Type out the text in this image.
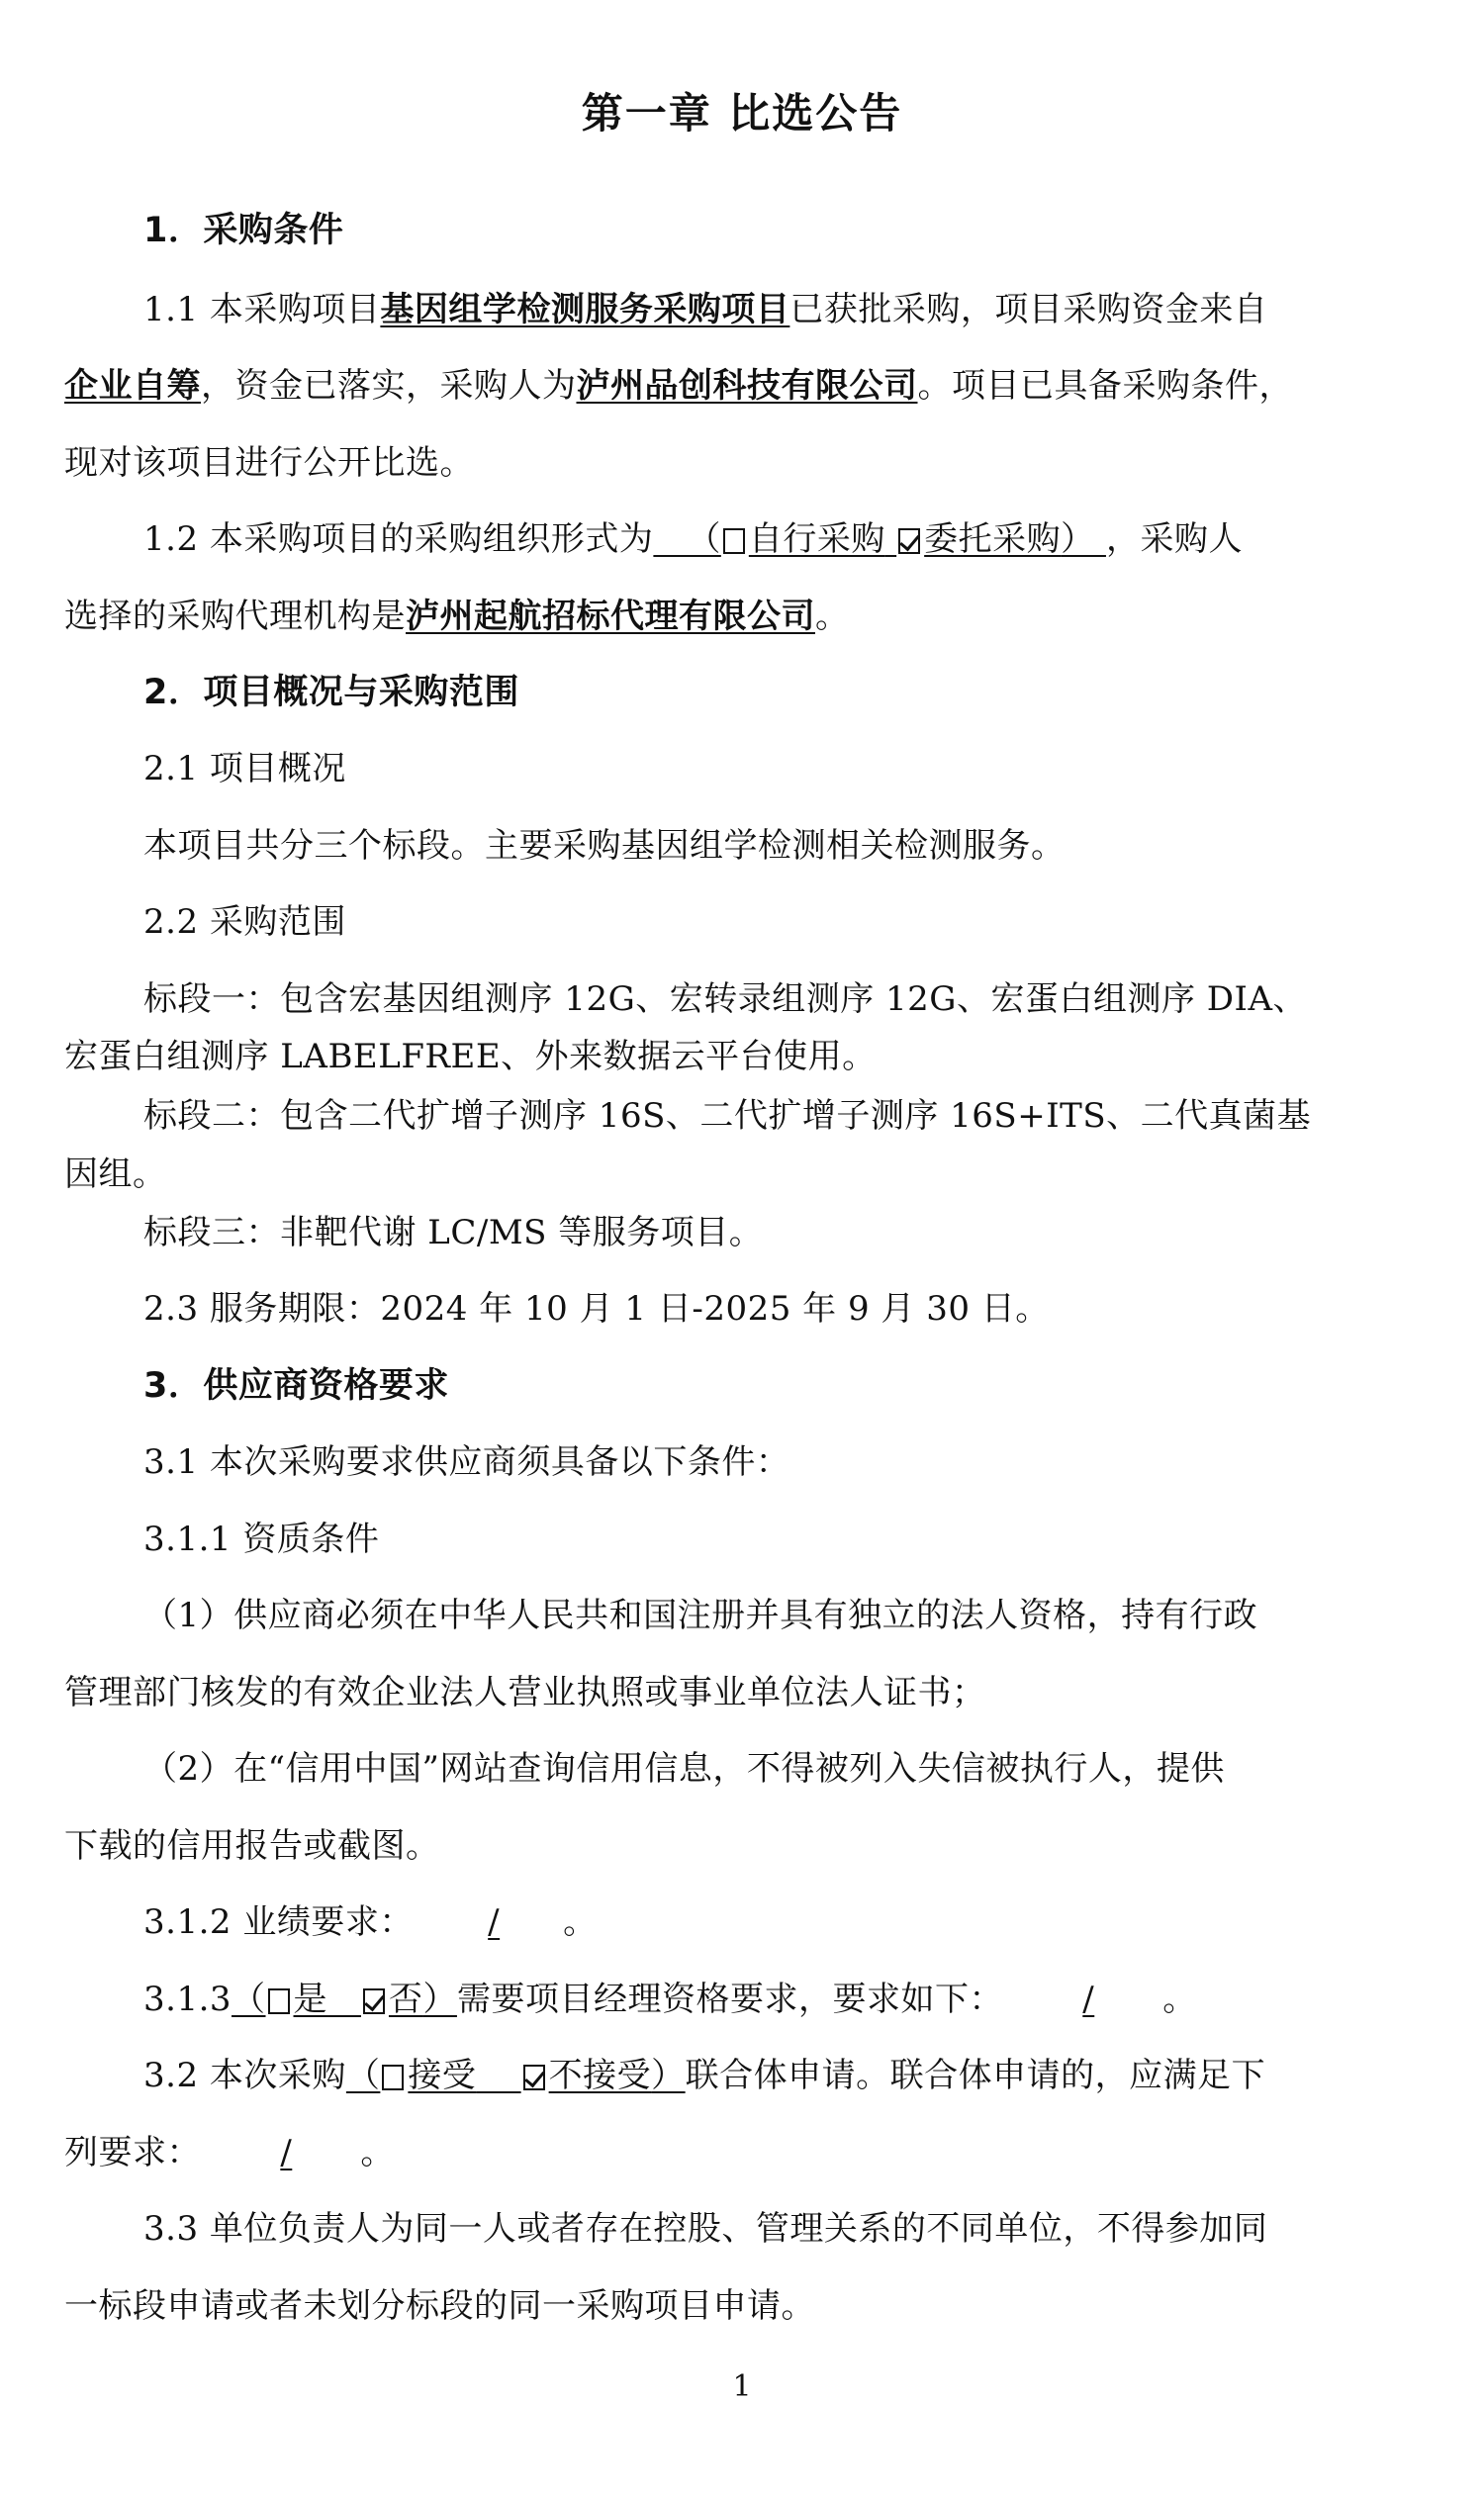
第一章 比选公告
1．采购条件
1.1 本采购项目基因组学检测服务采购项目已获批采购，项目采购资金来自
企业自筹，资金已落实，采购人为泸州品创科技有限公司。项目已具备采购条件，
现对该项目进行公开比选。
1.2 本采购项目的采购组织形式为   （ 自行采购 委托采购） ，采购人
选择的采购代理机构是泸州起航招标代理有限公司。
2．项目概况与采购范围
2.1 项目概况
本项目共分三个标段。主要采购基因组学检测相关检测服务。
2.2 采购范围
标段一：包含宏基因组测序 12G、宏转录组测序 12G、宏蛋白组测序 DIA、
宏蛋白组测序 LABELFREE、外来数据云平台使用。
标段二：包含二代扩增子测序 16S、二代扩增子测序 16S+ITS、二代真菌基
因组。
标段三：非靶代谢 LC/MS 等服务项目。
2.3 服务期限：2024 年 10 月 1 日-2025 年 9 月 30 日。
3．供应商资格要求
3.1 本次采购要求供应商须具备以下条件：
3.1.1 资质条件
（1）供应商必须在中华人民共和国注册并具有独立的法人资格，持有行政
管理部门核发的有效企业法人营业执照或事业单位法人证书；
（2）在“信用中国”网站查询信用信息，不得被列入失信被执行人，提供
下载的信用报告或截图。
3.1.2 业绩要求： / 。
3.1.3（ 是 否）需要项目经理资格要求，要求如下： / 。
3.2 本次采购（ 接受 不接受）联合体申请。联合体申请的，应满足下
列要求： / 。
3.3 单位负责人为同一人或者存在控股、管理关系的不同单位，不得参加同
一标段申请或者未划分标段的同一采购项目申请。
1
